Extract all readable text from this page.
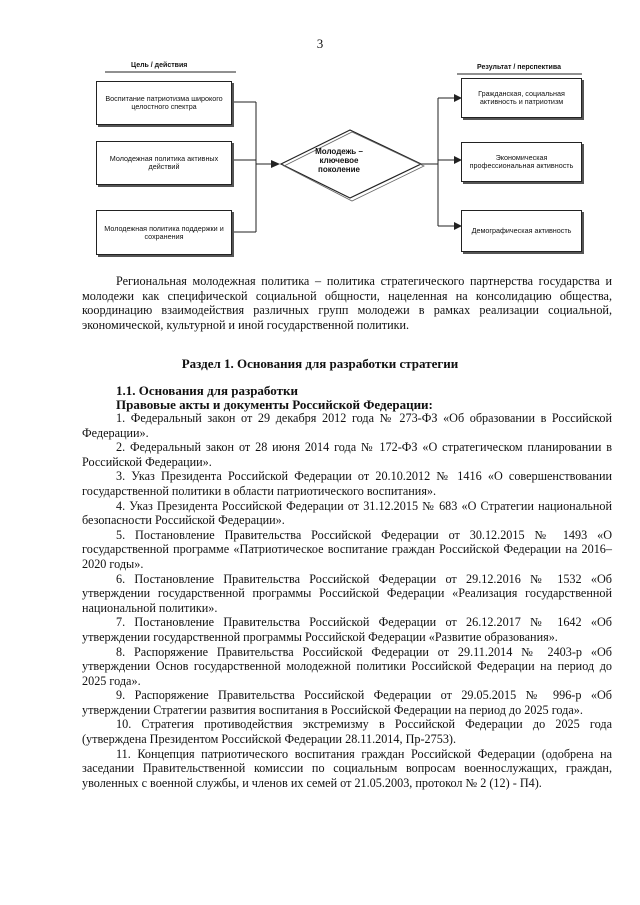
3
Цель / действия	Результат / перспектива
Воспитание патриотизма широкого целостного спектра
Молодежная политика активных действий
Молодежная политика поддержки и сохранения
Молодежь – ключевое поколение
Гражданская, социальная активность и патриотизм
Экономическая профессиональная активность
Демографическая активность

Региональная молодежная политика – политика стратегического партнерства государства и молодежи как специфической социальной общности, нацеленная на консолидацию общества, координацию взаимодействия различных групп молодежи в рамках реализации социальной, экономической, культурной и иной государственной политики.

Раздел 1. Основания для разработки стратегии
1.1. Основания для разработки
Правовые акты и документы Российской Федерации:

1. Федеральный закон от 29 декабря 2012 года № 273-ФЗ «Об образовании в Российской Федерации».

2. Федеральный закон от 28 июня 2014 года № 172-ФЗ «О стратегическом планировании в Российской Федерации».

3. Указ Президента Российской Федерации от 20.10.2012 № 1416 «О совершенствовании государственной политики в области патриотического воспитания».

4. Указ Президента Российской Федерации от 31.12.2015 № 683 «О Стратегии национальной безопасности Российской Федерации».

5. Постановление Правительства Российской Федерации от 30.12.2015 № 1493 «О государственной программе «Патриотическое воспитание граждан Российской Федерации на 2016–2020 годы».

6. Постановление Правительства Российской Федерации от 29.12.2016 № 1532 «Об утверждении государственной программы Российской Федерации «Реализация государственной национальной политики».

7. Постановление Правительства Российской Федерации от 26.12.2017 № 1642 «Об утверждении государственной программы Российской Федерации «Развитие образования».

8. Распоряжение Правительства Российской Федерации от 29.11.2014 № 2403-р «Об утверждении Основ государственной молодежной политики Российской Федерации на период до 2025 года».

9. Распоряжение Правительства Российской Федерации от 29.05.2015 № 996-р «Об утверждении Стратегии развития воспитания в Российской Федерации на период до 2025 года».

10. Стратегия противодействия экстремизму в Российской Федерации до 2025 года (утверждена Президентом Российской Федерации 28.11.2014, Пр-2753).

11. Концепция патриотического воспитания граждан Российской Федерации (одобрена на заседании Правительственной комиссии по социальным вопросам военнослужащих, граждан, уволенных с военной службы, и членов их семей от 21.05.2003, протокол № 2 (12) - П4).
